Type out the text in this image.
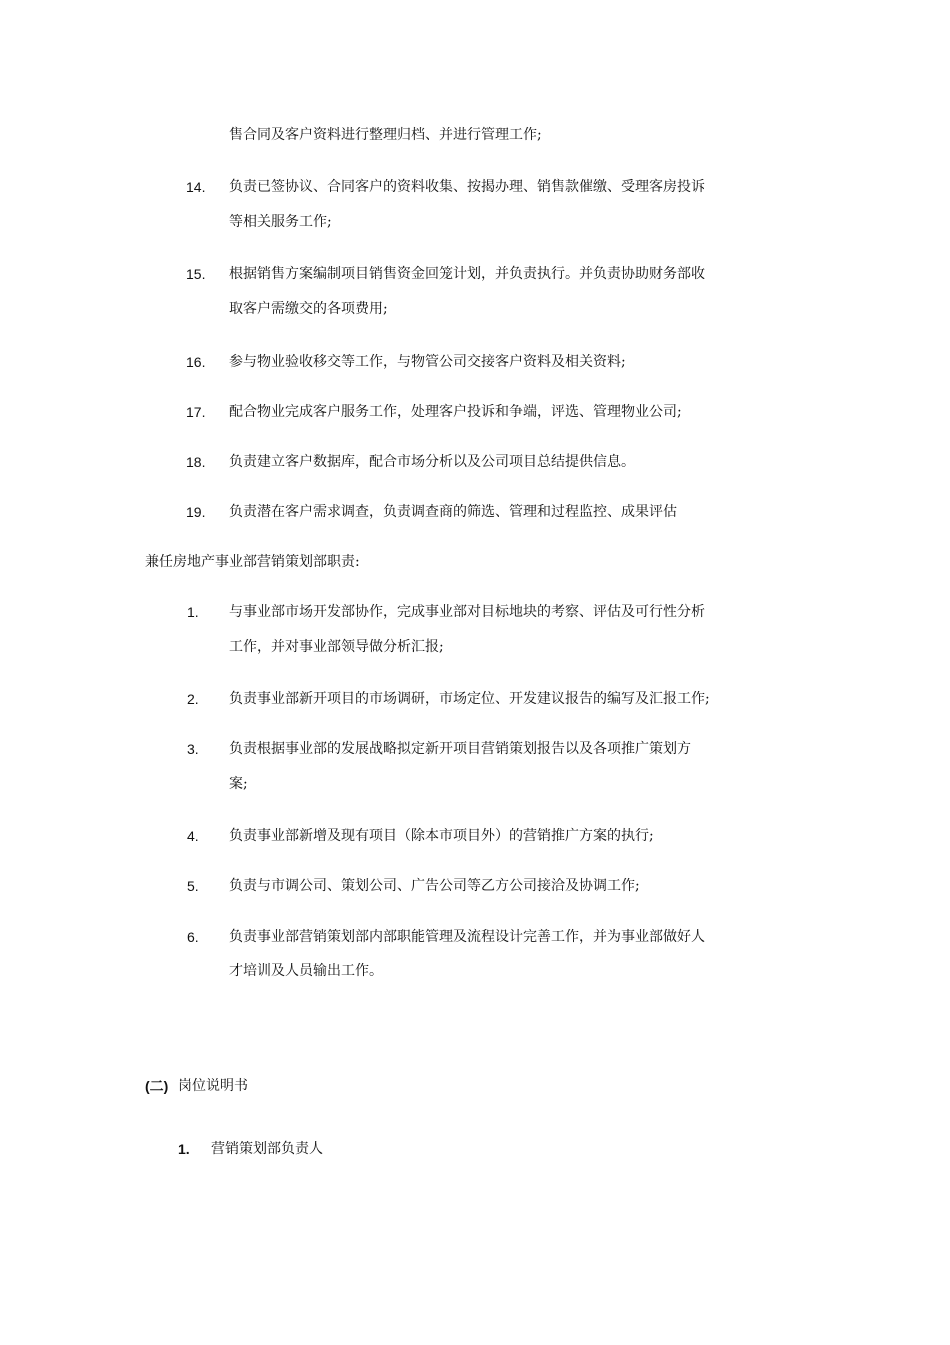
售合同及客户资料进行整理归档、并进行管理工作;
14. 负责已签协议、合同客户的资料收集、按揭办理、销售款催缴、受理客房投诉
等相关服务工作;
15. 根据销售方案编制项目销售资金回笼计划，并负责执行。并负责协助财务部收
取客户需缴交的各项费用;
16. 参与物业验收移交等工作，与物管公司交接客户资料及相关资料;
17. 配合物业完成客户服务工作，处理客户投诉和争端，评选、管理物业公司;
18. 负责建立客户数据库，配合市场分析以及公司项目总结提供信息。
19. 负责潜在客户需求调查，负责调查商的筛选、管理和过程监控、成果评估
兼任房地产事业部营销策划部职责:
1. 与事业部市场开发部协作，完成事业部对目标地块的考察、评估及可行性分析
工作，并对事业部领导做分析汇报;
2. 负责事业部新开项目的市场调研，市场定位、开发建议报告的编写及汇报工作;
3. 负责根据事业部的发展战略拟定新开项目营销策划报告以及各项推广策划方
案;
4. 负责事业部新增及现有项目（除本市项目外）的营销推广方案的执行;
5. 负责与市调公司、策划公司、广告公司等乙方公司接洽及协调工作;
6. 负责事业部营销策划部内部职能管理及流程设计完善工作，并为事业部做好人
才培训及人员输出工作。
(二) 岗位说明书
1. 营销策划部负责人
